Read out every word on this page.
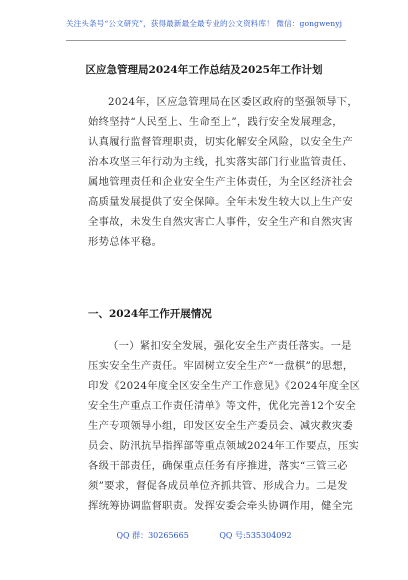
关注头条号“公文研究”，获得最新最全最专业的公文资料库！ 微信：gongwenyj
区应急管理局2024年工作总结及2025年工作计划
2024年，区应急管理局在区委区政府的坚强领导下，
始终坚持“人民至上、生命至上”，践行安全发展理念，
认真履行监督管理职责，切实化解安全风险，以安全生产
治本攻坚三年行动为主线，扎实落实部门行业监管责任、
属地管理责任和企业安全生产主体责任，为全区经济社会
高质量发展提供了安全保障。全年未发生较大以上生产安
全事故，未发生自然灾害亡人事件，安全生产和自然灾害
形势总体平稳。
一、2024年工作开展情况
（一）紧扣安全发展，强化安全生产责任落实。一是
压实安全生产责任。牢固树立安全生产“一盘棋”的思想，
印发《2024年度全区安全生产工作意见》《2024年度全区
安全生产重点工作责任清单》等文件，优化完善12个安全
生产专项领导小组，印发区安全生产委员会、减灾救灾委
员会、防汛抗旱指挥部等重点领域2024年工作要点，压实
各级干部责任，确保重点任务有序推进，落实“三管三必
须”要求，督促各成员单位齐抓共管、形成合力。二是发
挥统筹协调监督职责。发挥安委会牵头协调作用，健全完
QQ 群：30265665	QQ 号:535304092
